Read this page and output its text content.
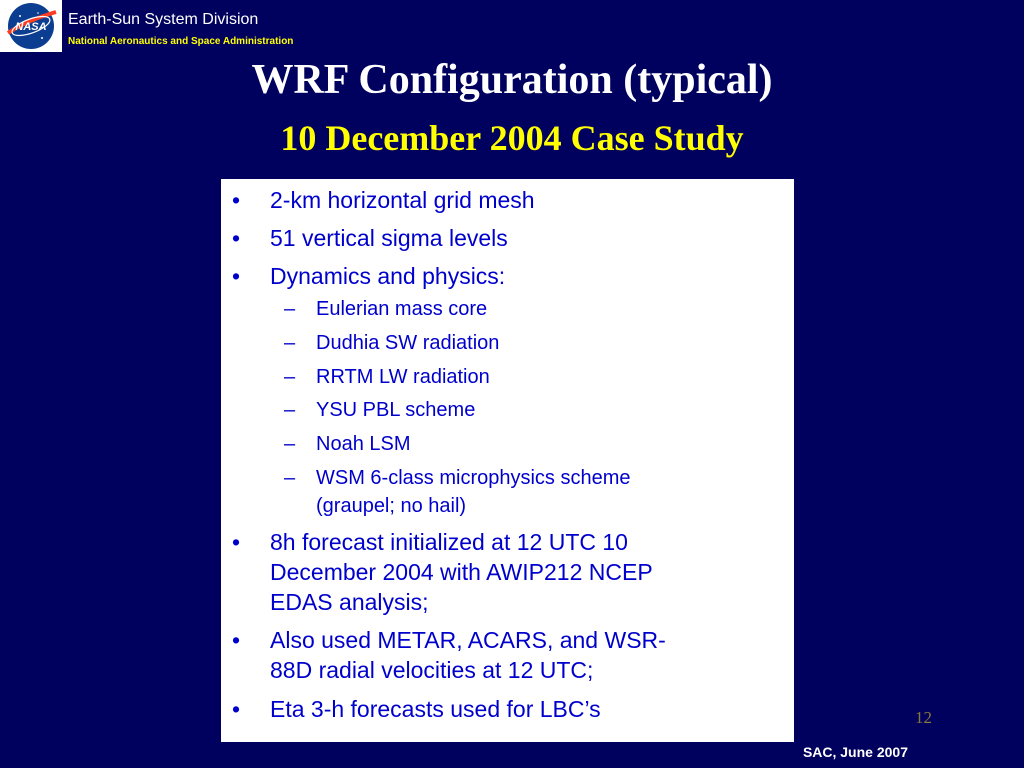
NASA Earth-Sun System Division
National Aeronautics and Space Administration
WRF Configuration (typical)
10 December 2004 Case Study
• 2-km horizontal grid mesh
• 51 vertical sigma levels
• Dynamics and physics:
– Eulerian mass core
– Dudhia SW radiation
– RRTM LW radiation
– YSU PBL scheme
– Noah LSM
– WSM 6-class microphysics scheme
(graupel; no hail)
• 8h forecast initialized at 12 UTC 10
December 2004 with AWIP212 NCEP
EDAS analysis;
• Also used METAR, ACARS, and WSR-
88D radial velocities at 12 UTC;
• Eta 3-h forecasts used for LBC’s	12
SAC, June 2007
